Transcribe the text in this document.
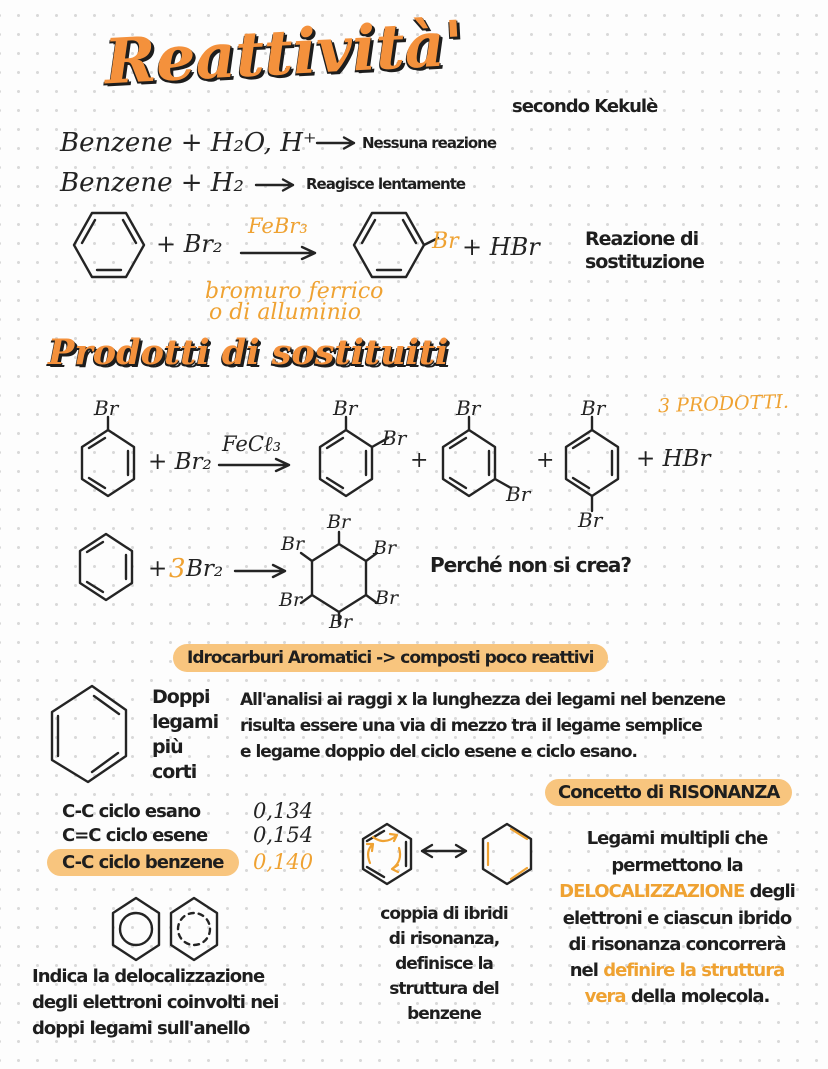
Reattività'
secondo Kekulè
Benzene + H₂O, H⁺	Nessuna reazione
Benzene + H₂	Reagisce lentamente
+ Br₂
FeBr₃
Br + HBr Reazione di
sostituzione
bromuro ferrico
o di alluminio
Prodotti di sostituiti
3 PRODOTTI.
Br
+ Br₂
FeCℓ₃
Br
Br
+
Br
Br
+
Br
Br
+ HBr
+ 3 Br₂
Br
Br	Br
Br	Br
Br
Perché non si crea?
Idrocarburi Aromatici -> composti poco reattivi
Doppi
legami
più
corti
All'analisi ai raggi x la lunghezza dei legami nel benzene
risulta essere una via di mezzo tra il legame semplice
e legame doppio del ciclo esene e ciclo esano.
C-C ciclo esano	0,134
C=C ciclo esene 0,154
C-C ciclo benzene 0,140
Concetto di RISONANZA
coppia di ibridi
di risonanza,
definisce la
struttura del
benzene
Legami multipli che
permettono la
DELOCALIZZAZIONE degli
elettroni e ciascun ibrido
di risonanza concorrerà
nel definire la struttura
vera della molecola.
Indica la delocalizzazione
degli elettroni coinvolti nei
doppi legami sull'anello
